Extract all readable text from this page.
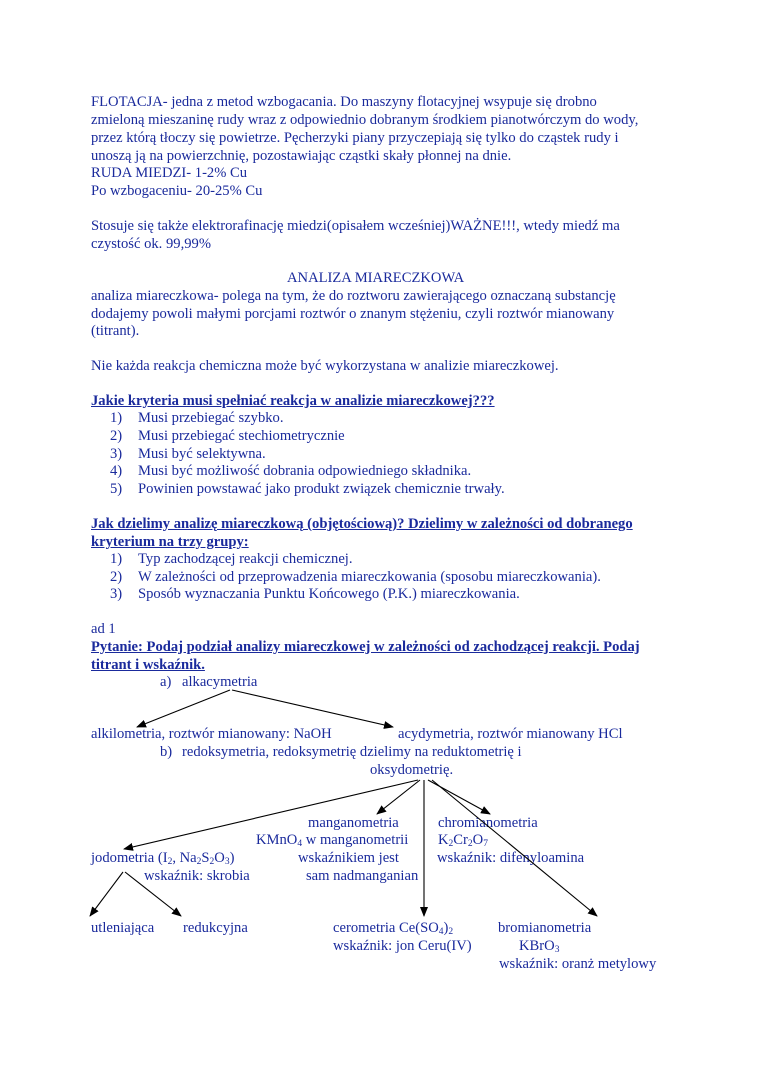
FLOTACJA- jedna z metod wzbogacania. Do maszyny flotacyjnej wsypuje się drobno
zmieloną mieszaninę rudy wraz z odpowiednio dobranym środkiem pianotwórczym do wody,
przez którą tłoczy się powietrze. Pęcherzyki piany przyczepiają się tylko do cząstek rudy i
unoszą ją na powierzchnię, pozostawiając cząstki skały płonnej na dnie.
RUDA MIEDZI- 1-2% Cu
Po wzbogaceniu- 20-25% Cu
Stosuje się także elektrorafinację miedzi(opisałem wcześniej)WAŻNE!!!, wtedy miedź ma
czystość ok. 99,99%
ANALIZA MIARECZKOWA
analiza miareczkowa- polega na tym, że do roztworu zawierającego oznaczaną substancję
dodajemy powoli małymi porcjami roztwór o znanym stężeniu, czyli roztwór mianowany
(titrant).
Nie każda reakcja chemiczna może być wykorzystana w analizie miareczkowej.
Jakie kryteria musi spełniać reakcja w analizie miareczkowej???
1) Musi przebiegać szybko.
2) Musi przebiegać stechiometrycznie
3) Musi być selektywna.
4) Musi być możliwość dobrania odpowiedniego składnika.
5) Powinien powstawać jako produkt związek chemicznie trwały.
Jak dzielimy analizę miareczkową (objętościową)? Dzielimy w zależności od dobranego
kryterium na trzy grupy:
1) Typ zachodzącej reakcji chemicznej.
2) W zależności od przeprowadzenia miareczkowania (sposobu miareczkowania).
3) Sposób wyznaczania Punktu Końcowego (P.K.) miareczkowania.
ad 1
Pytanie: Podaj podział analizy miareczkowej w zależności od zachodzącej reakcji. Podaj
titrant i wskaźnik.
a) alkacymetria
alkilometria, roztwór mianowany: NaOH	acydymetria, roztwór mianowany HCl
b) redoksymetria, redoksymetrię dzielimy na reduktometrię i
oksydometrię.
manganometria	chromianometria
KMnO$_4$ w manganometrii $K_2Cr_2O_7$
jodometria ($I_2$, $Na_2S_2O_3$)	wskaźnikiem jest	wskaźnik: difenyloamina
wskaźnik: skrobia	sam nadmanganian
utleniająca redukcyjna	cerometria $Ce(SO_4)_2$	bromianometria
wskaźnik: jon Ceru(IV)	KBrO$_3$
wskaźnik: oranż metylowy
